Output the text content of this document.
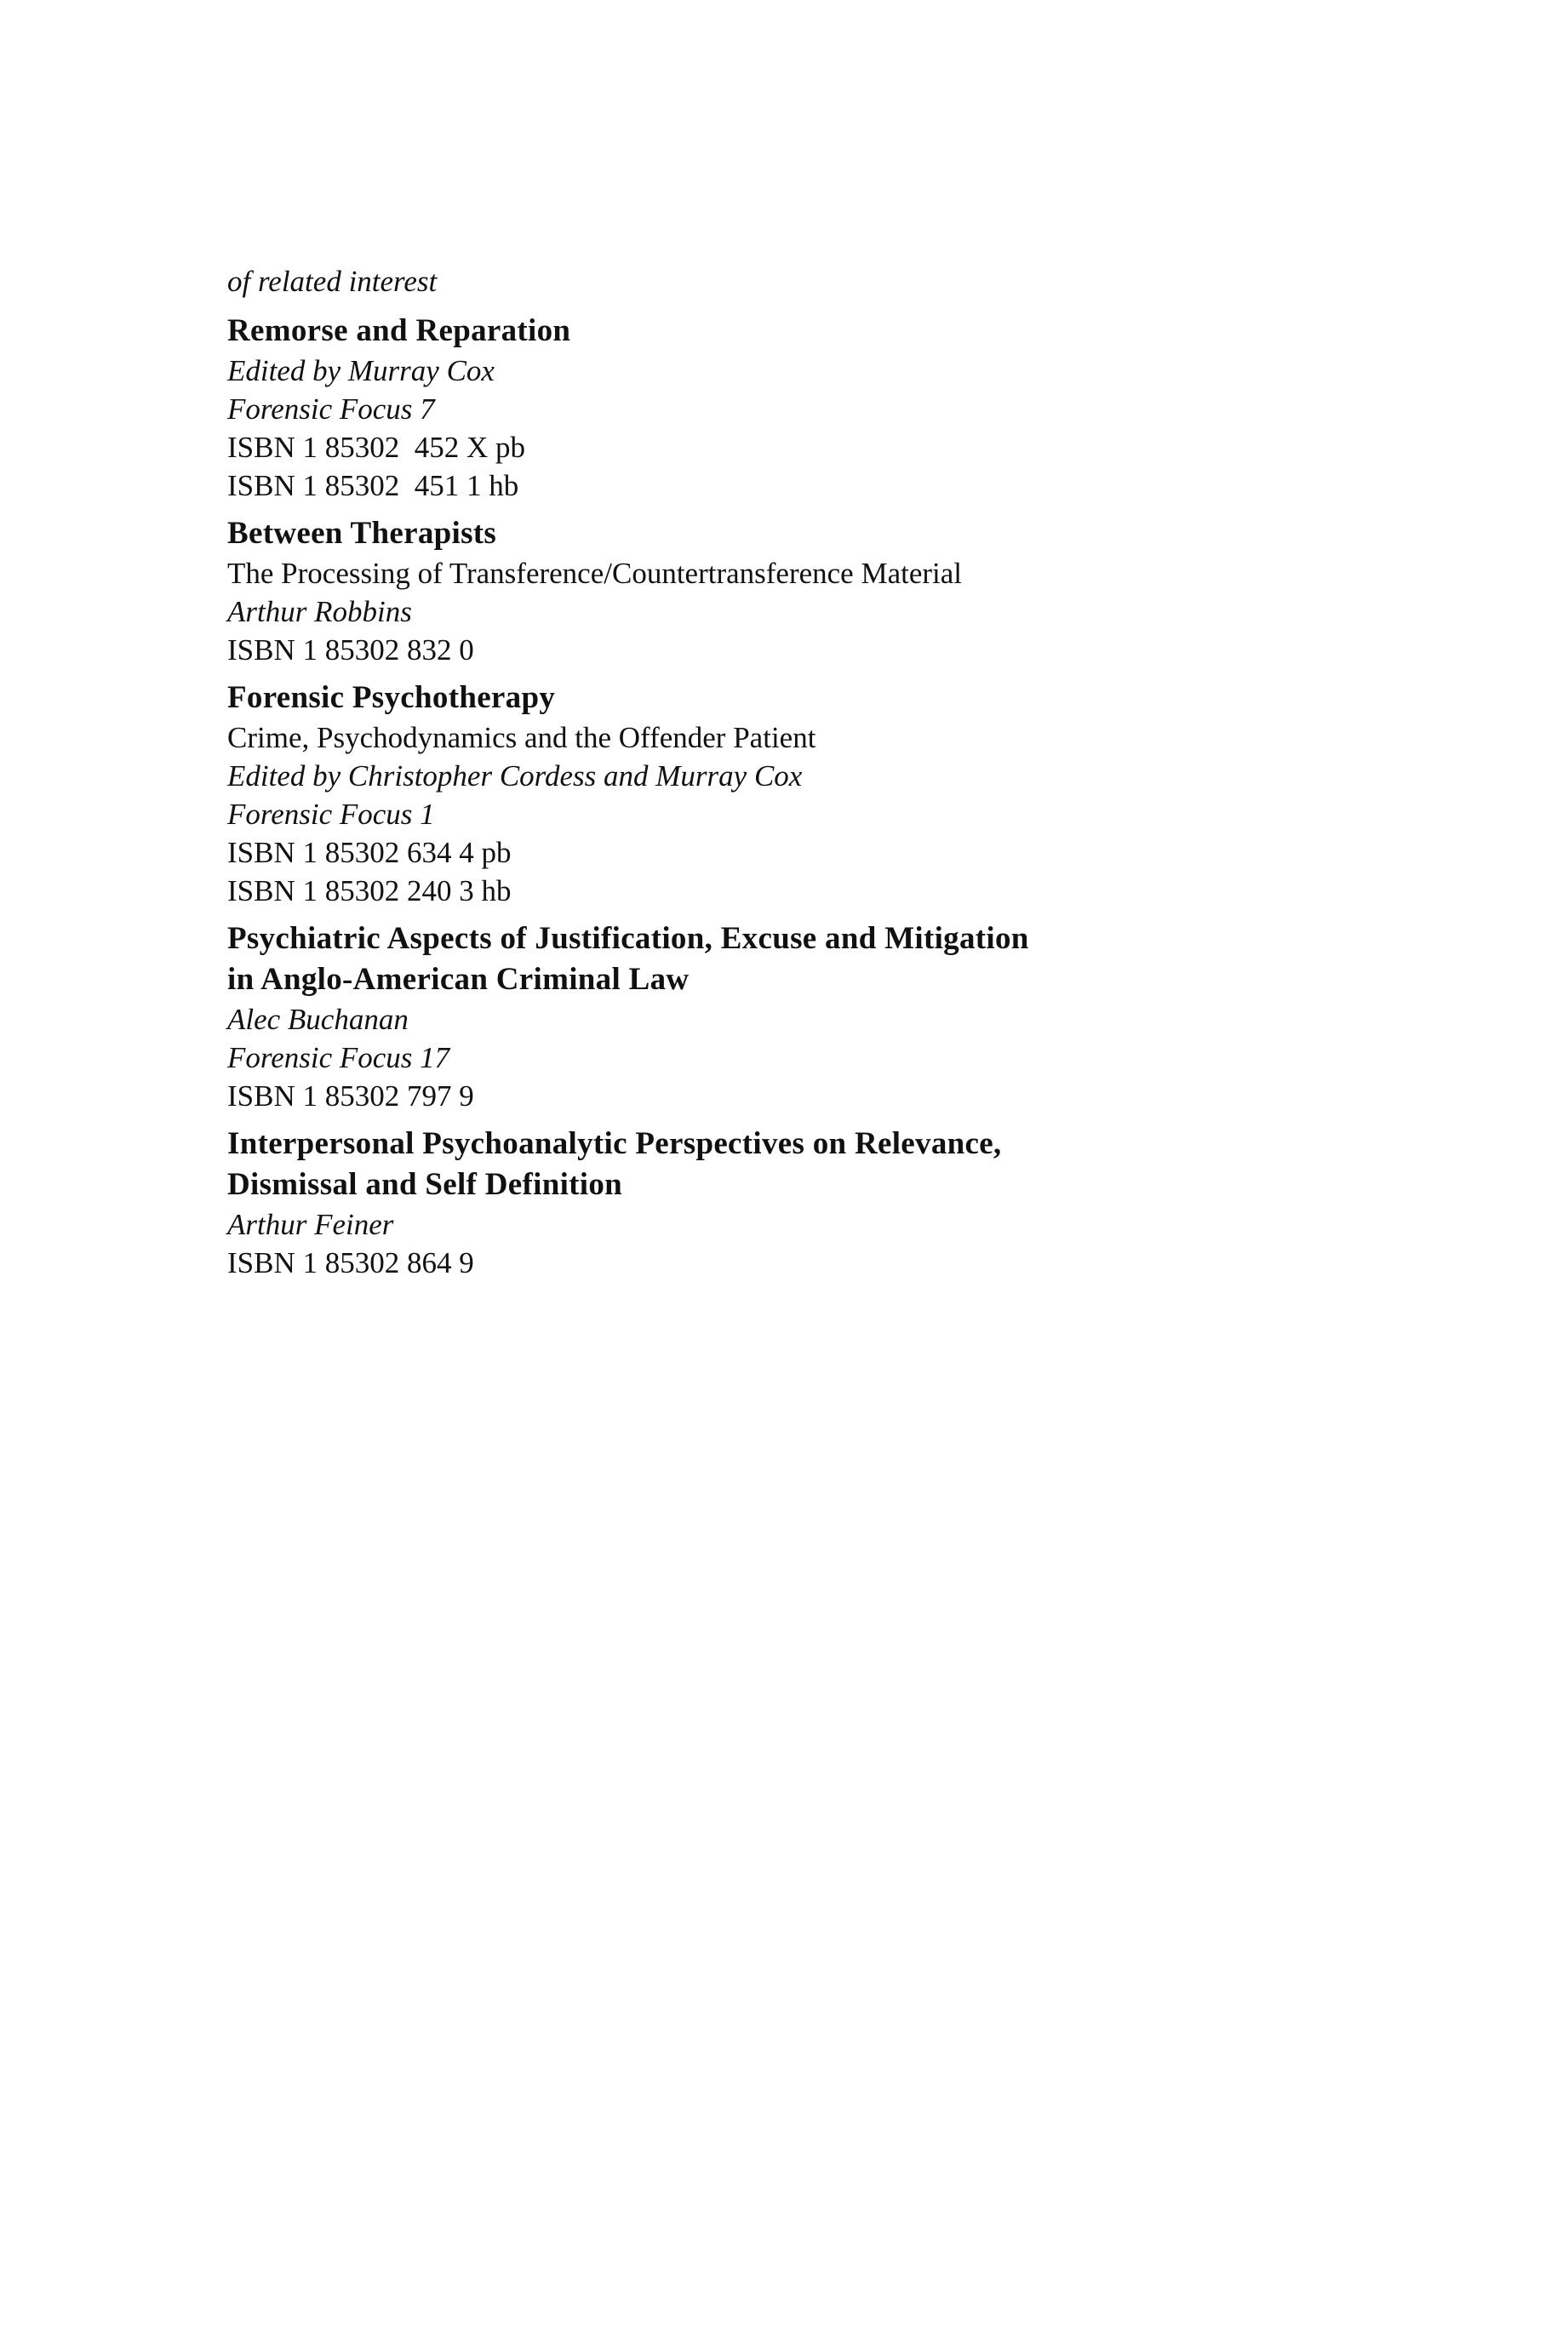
of related interest
Remorse and Reparation
Edited by Murray Cox
Forensic Focus 7
ISBN 1 85302  452 X pb
ISBN 1 85302  451 1 hb
Between Therapists
The Processing of Transference/Countertransference Material
Arthur Robbins
ISBN 1 85302 832 0
Forensic Psychotherapy
Crime, Psychodynamics and the Offender Patient
Edited by Christopher Cordess and Murray Cox
Forensic Focus 1
ISBN 1 85302 634 4 pb
ISBN 1 85302 240 3 hb
Psychiatric Aspects of Justification, Excuse and Mitigation
in Anglo-American Criminal Law
Alec Buchanan
Forensic Focus 17
ISBN 1 85302 797 9
Interpersonal Psychoanalytic Perspectives on Relevance,
Dismissal and Self Definition
Arthur Feiner
ISBN 1 85302 864 9
